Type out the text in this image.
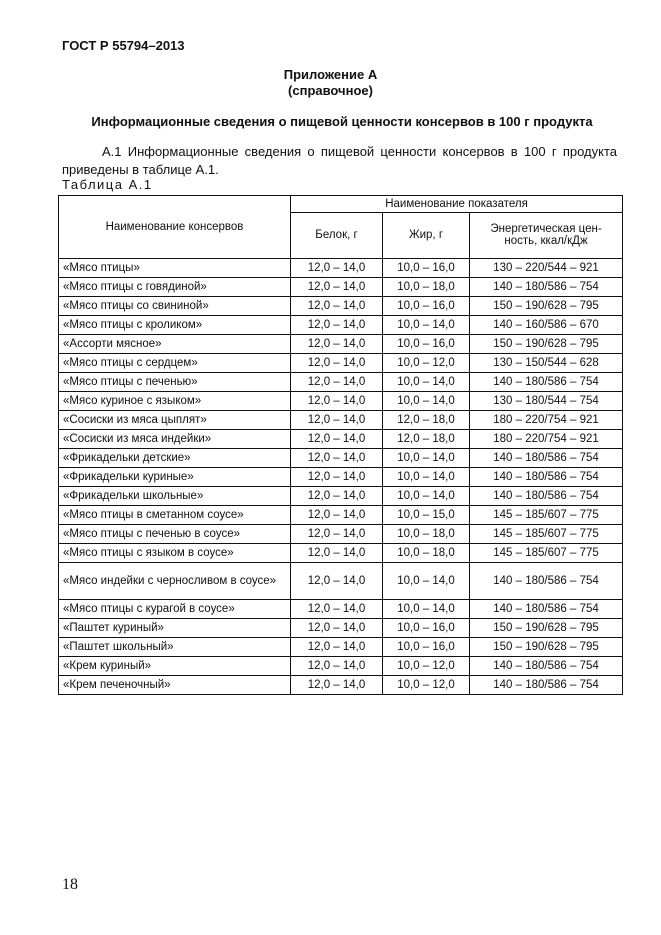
ГОСТ Р 55794–2013
Приложение А
(справочное)
Информационные сведения о пищевой ценности консервов в 100 г продукта
А.1 Информационные сведения о пищевой ценности консервов в 100 г продукта приведены в таблице А.1.
Таблица А.1
Наименование консервов	Наименование показателя		
	Белок, г	Жир, г	Энергетическая цен-ность, ккал/кДж
«Мясо птицы»	12,0 – 14,0	10,0 – 16,0	130 – 220/544 – 921
«Мясо птицы с говядиной»	12,0 – 14,0	10,0 – 18,0	140 – 180/586 – 754
«Мясо птицы со свининой»	12,0 – 14,0	10,0 – 16,0	150 – 190/628 – 795
«Мясо птицы с кроликом»	12,0 – 14,0	10,0 – 14,0	140 – 160/586 – 670
«Ассорти мясное»	12,0 – 14,0	10,0 – 16,0	150 – 190/628 – 795
«Мясо птицы с сердцем»	12,0 – 14,0	10,0 – 12,0	130 – 150/544 – 628
«Мясо птицы с печенью»	12,0 – 14,0	10,0 – 14,0	140 – 180/586 – 754
«Мясо куриное с языком»	12,0 – 14,0	10,0 – 14,0	130 – 180/544 – 754
«Сосиски из мяса цыплят»	12,0 – 14,0	12,0 – 18,0	180 – 220/754 – 921
«Сосиски из мяса индейки»	12,0 – 14,0	12,0 – 18,0	180 – 220/754 – 921
«Фрикадельки детские»	12,0 – 14,0	10,0 – 14,0	140 – 180/586 – 754
«Фрикадельки куриные»	12,0 – 14,0	10,0 – 14,0	140 – 180/586 – 754
«Фрикадельки школьные»	12,0 – 14,0	10,0 – 14,0	140 – 180/586 – 754
«Мясо птицы в сметанном соусе»	12,0 – 14,0	10,0 – 15,0	145 – 185/607 – 775
«Мясо птицы с печенью в соусе»	12,0 – 14,0	10,0 – 18,0	145 – 185/607 – 775
«Мясо птицы с языком в соусе»	12,0 – 14,0	10,0 – 18,0	145 – 185/607 – 775
«Мясо индейки с черносливом в соусе»	12,0 – 14,0	10,0 – 14,0	140 – 180/586 – 754
«Мясо птицы с курагой в соусе»	12,0 – 14,0	10,0 – 14,0	140 – 180/586 – 754
«Паштет куриный»	12,0 – 14,0	10,0 – 16,0	150 – 190/628 – 795
«Паштет школьный»	12,0 – 14,0	10,0 – 16,0	150 – 190/628 – 795
«Крем куриный»	12,0 – 14,0	10,0 – 12,0	140 – 180/586 – 754
«Крем печеночный»	12,0 – 14,0	10,0 – 12,0	140 – 180/586 – 754
18
